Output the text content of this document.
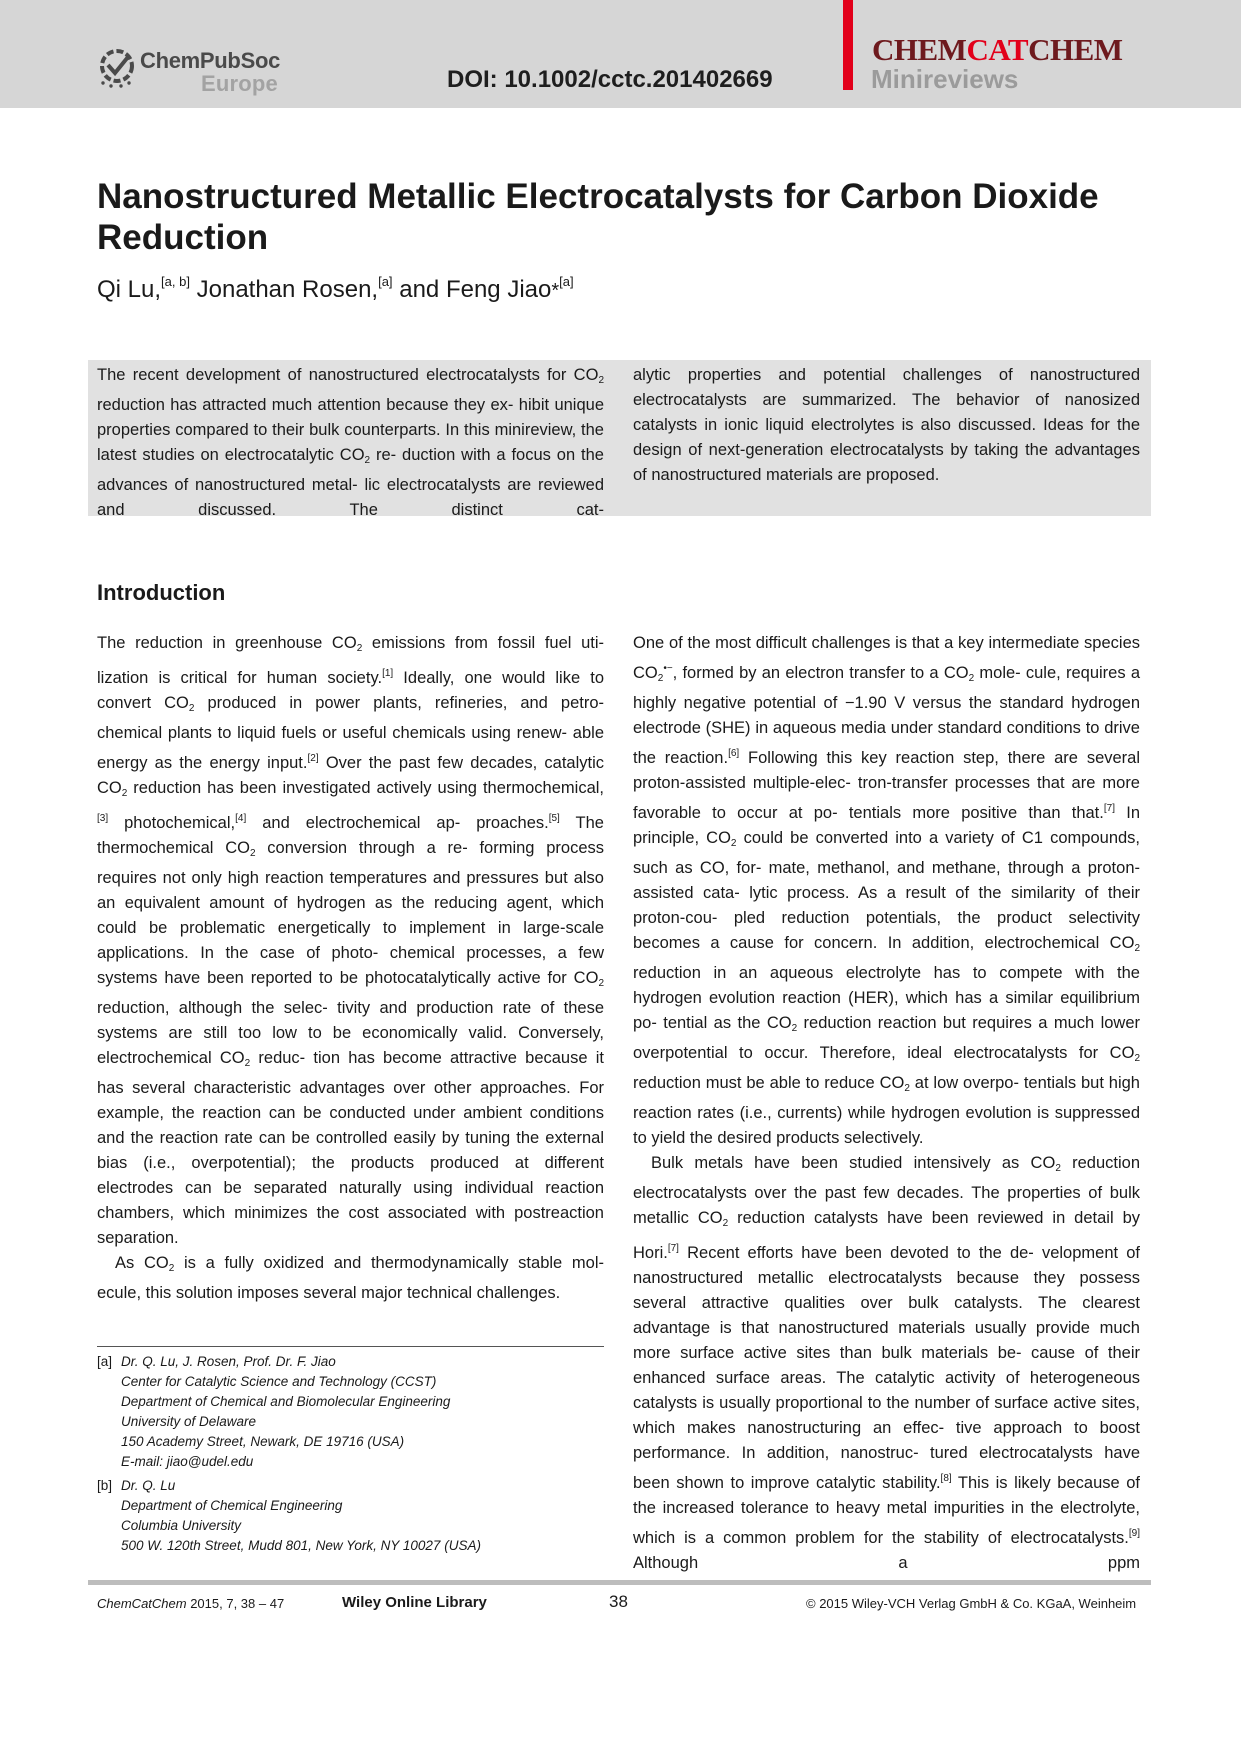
ChemPubSoc
Europe	DOI: 10.1002/cctc.201402669
CHEMCATCHEM
Minireviews
Nanostructured Metallic Electrocatalysts for Carbon Dioxide Reduction
Qi Lu,[a, b] Jonathan Rosen,[a] and Feng Jiao*[a]
The recent development of nanostructured electrocatalysts for $CO_2$ reduction has attracted much attention because they ex- hibit unique properties compared to their bulk counterparts. In this minireview, the latest studies on electrocatalytic $CO_2$ re- duction with a focus on the advances of nanostructured metal- lic electrocatalysts are reviewed and discussed. The distinct cat-
alytic properties and potential challenges of nanostructured electrocatalysts are summarized. The behavior of nanosized catalysts in ionic liquid electrolytes is also discussed. Ideas for the design of next-generation electrocatalysts by taking the advantages of nanostructured materials are proposed.
Introduction

The reduction in greenhouse $CO_2$ emissions from fossil fuel uti- lization is critical for human society.[1] Ideally, one would like to convert $CO_2$ produced in power plants, refineries, and petro- chemical plants to liquid fuels or useful chemicals using renew- able energy as the energy input.[2] Over the past few decades, catalytic $CO_2$ reduction has been investigated actively using thermochemical,[3] photochemical,[4] and electrochemical ap- proaches.[5] The thermochemical $CO_2$ conversion through a re- forming process requires not only high reaction temperatures and pressures but also an equivalent amount of hydrogen as the reducing agent, which could be problematic energetically to implement in large-scale applications. In the case of photo- chemical processes, a few systems have been reported to be photocatalytically active for $CO_2$ reduction, although the selec- tivity and production rate of these systems are still too low to be economically valid. Conversely, electrochemical $CO_2$ reduc- tion has become attractive because it has several characteristic advantages over other approaches. For example, the reaction can be conducted under ambient conditions and the reaction rate can be controlled easily by tuning the external bias (i.e., overpotential); the products produced at different electrodes can be separated naturally using individual reaction chambers, which minimizes the cost associated with postreaction separation.

As $CO_2$ is a fully oxidized and thermodynamically stable mol- ecule, this solution imposes several major technical challenges.

One of the most difficult challenges is that a key intermediate species $CO_2^{•-}$, formed by an electron transfer to a $CO_2$ mole- cule, requires a highly negative potential of −1.90 V versus the standard hydrogen electrode (SHE) in aqueous media under standard conditions to drive the reaction.[6] Following this key reaction step, there are several proton-assisted multiple-elec- tron-transfer processes that are more favorable to occur at po- tentials more positive than that.[7] In principle, $CO_2$ could be converted into a variety of C1 compounds, such as CO, for- mate, methanol, and methane, through a proton-assisted cata- lytic process. As a result of the similarity of their proton-cou- pled reduction potentials, the product selectivity becomes a cause for concern. In addition, electrochemical $CO_2$ reduction in an aqueous electrolyte has to compete with the hydrogen evolution reaction (HER), which has a similar equilibrium po- tential as the $CO_2$ reduction reaction but requires a much lower overpotential to occur. Therefore, ideal electrocatalysts for $CO_2$ reduction must be able to reduce $CO_2$ at low overpo- tentials but high reaction rates (i.e., currents) while hydrogen evolution is suppressed to yield the desired products selectively.

Bulk metals have been studied intensively as $CO_2$ reduction electrocatalysts over the past few decades. The properties of bulk metallic $CO_2$ reduction catalysts have been reviewed in detail by Hori.[7] Recent efforts have been devoted to the de- velopment of nanostructured metallic electrocatalysts because they possess several attractive qualities over bulk catalysts. The clearest advantage is that nanostructured materials usually provide much more surface active sites than bulk materials be- cause of their enhanced surface areas. The catalytic activity of heterogeneous catalysts is usually proportional to the number of surface active sites, which makes nanostructuring an effec- tive approach to boost performance. In addition, nanostruc- tured electrocatalysts have been shown to improve catalytic stability.[8] This is likely because of the increased tolerance to heavy metal impurities in the electrolyte, which is a common problem for the stability of electrocatalysts.[9] Although a ppm

[a] Dr. Q. Lu, J. Rosen, Prof. Dr. F. Jiao
Center for Catalytic Science and Technology (CCST)
Department of Chemical and Biomolecular Engineering
University of Delaware
150 Academy Street, Newark, DE 19716 (USA)
E-mail: jiao@udel.edu
[b] Dr. Q. Lu
Department of Chemical Engineering
Columbia University
500 W. 120th Street, Mudd 801, New York, NY 10027 (USA)
ChemCatChem 2015, 7, 38 – 47	Wiley Online Library	38	© 2015 Wiley-VCH Verlag GmbH & Co. KGaA, Weinheim
